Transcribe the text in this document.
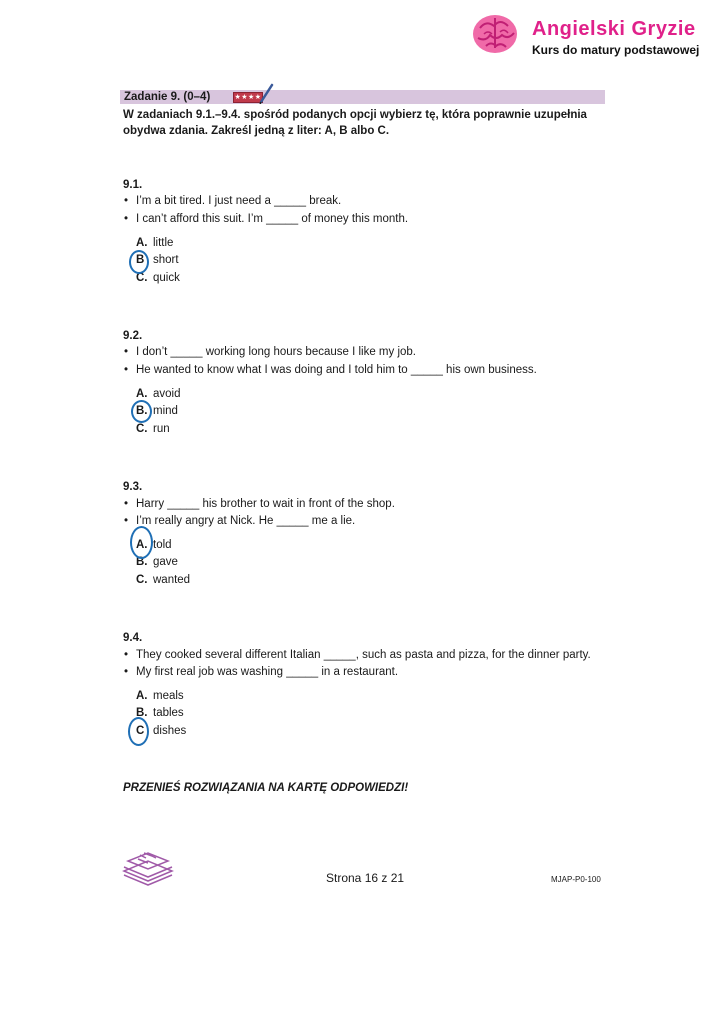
Angielski Gryzie
Kurs do matury podstawowej
Zadanie 9. (0–4)	★★★★
W zadaniach 9.1.–9.4. spośród podanych opcji wybierz tę, która poprawnie uzupełnia obydwa zdania. Zakreśl jedną z liter: A, B albo C.
9.1.
• I’m a bit tired. I just need a _____ break.
• I can’t afford this suit. I’m _____ of money this month.
A. little
B short
C. quick
9.2.
• I don’t _____ working long hours because I like my job.
• He wanted to know what I was doing and I told him to _____ his own business.
A. avoid
B. mind
C. run
9.3.
• Harry _____ his brother to wait in front of the shop.
• I’m really angry at Nick. He _____ me a lie.
A. told
B. gave
C. wanted
9.4.
• They cooked several different Italian _____, such as pasta and pizza, for the dinner party.
• My first real job was washing _____ in a restaurant.
A. meals
B. tables
C dishes
PRZENIEŚ ROZWIĄZANIA NA KARTĘ ODPOWIEDZI!
Strona 16 z 21	MJAP-P0-100
